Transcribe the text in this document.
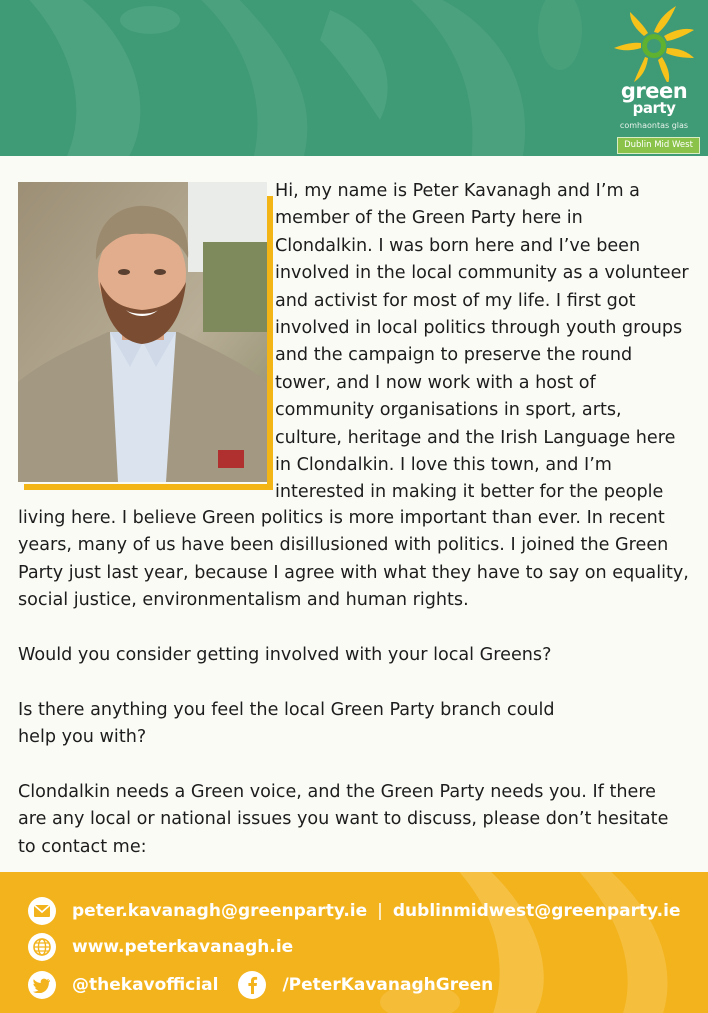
green
party
comhaontas glas
Dublin Mid West

Hi, my name is Peter Kavanagh and I’m a

member of the Green Party here in

Clondalkin. I was born here and I’ve been

involved in the local community as a volunteer

and activist for most of my life. I first got

involved in local politics through youth groups

and the campaign to preserve the round

tower, and I now work with a host of

community organisations in sport, arts,

culture, heritage and the Irish Language here

in Clondalkin. I love this town, and I’m

interested in making it better for the people

living here. I believe Green politics is more important than ever. In recent

years, many of us have been disillusioned with politics. I joined the Green

Party just last year, because I agree with what they have to say on equality,

social justice, environmentalism and human rights.

Would you consider getting involved with your local Greens?

Is there anything you feel the local Green Party branch could

help you with?

Clondalkin needs a Green voice, and the Green Party needs you. If there

are any local or national issues you want to discuss, please don’t hesitate

to contact me:

peter.kavanagh@greenparty.ie | dublinmidwest@greenparty.ie
www.peterkavanagh.ie
@thekavofficial	/PeterKavanaghGreen
